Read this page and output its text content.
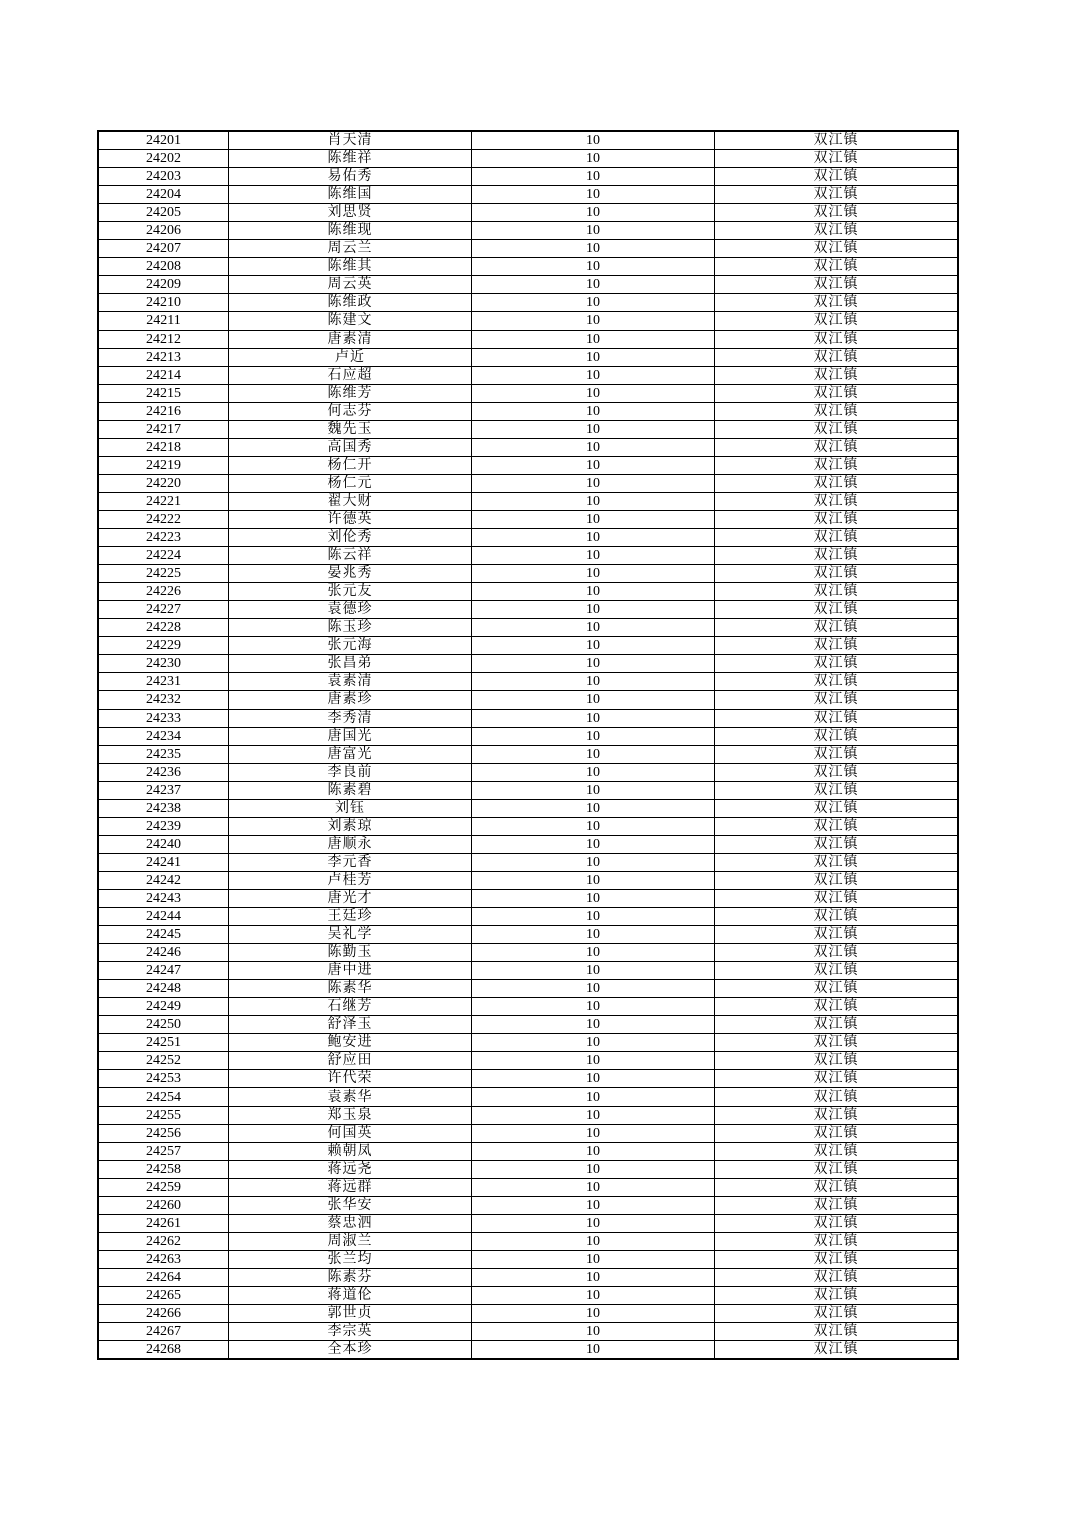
24201	肖天清	10	双江镇
24202	陈维祥	10	双江镇
24203	易佑秀	10	双江镇
24204	陈维国	10	双江镇
24205	刘思贤	10	双江镇
24206	陈维现	10	双江镇
24207	周云兰	10	双江镇
24208	陈维其	10	双江镇
24209	周云英	10	双江镇
24210	陈维政	10	双江镇
24211	陈建文	10	双江镇
24212	唐素清	10	双江镇
24213	卢近	10	双江镇
24214	石应超	10	双江镇
24215	陈维芳	10	双江镇
24216	何志芬	10	双江镇
24217	魏先玉	10	双江镇
24218	高国秀	10	双江镇
24219	杨仁开	10	双江镇
24220	杨仁元	10	双江镇
24221	翟大财	10	双江镇
24222	许德英	10	双江镇
24223	刘伦秀	10	双江镇
24224	陈云祥	10	双江镇
24225	晏兆秀	10	双江镇
24226	张元友	10	双江镇
24227	袁德珍	10	双江镇
24228	陈玉珍	10	双江镇
24229	张元海	10	双江镇
24230	张昌弟	10	双江镇
24231	袁素清	10	双江镇
24232	唐素珍	10	双江镇
24233	李秀清	10	双江镇
24234	唐国光	10	双江镇
24235	唐富光	10	双江镇
24236	李良前	10	双江镇
24237	陈素碧	10	双江镇
24238	刘钰	10	双江镇
24239	刘素琼	10	双江镇
24240	唐顺永	10	双江镇
24241	李元香	10	双江镇
24242	卢桂芳	10	双江镇
24243	唐光才	10	双江镇
24244	王廷珍	10	双江镇
24245	吴礼学	10	双江镇
24246	陈勤玉	10	双江镇
24247	唐中进	10	双江镇
24248	陈素华	10	双江镇
24249	石继芳	10	双江镇
24250	舒泽玉	10	双江镇
24251	鲍安进	10	双江镇
24252	舒应田	10	双江镇
24253	许代荣	10	双江镇
24254	袁素华	10	双江镇
24255	郑玉泉	10	双江镇
24256	何国英	10	双江镇
24257	赖朝凤	10	双江镇
24258	蒋远尧	10	双江镇
24259	蒋远群	10	双江镇
24260	张华安	10	双江镇
24261	蔡忠泗	10	双江镇
24262	周淑兰	10	双江镇
24263	张兰均	10	双江镇
24264	陈素芬	10	双江镇
24265	蒋道伦	10	双江镇
24266	郭世贞	10	双江镇
24267	李宗英	10	双江镇
24268	全本珍	10	双江镇
